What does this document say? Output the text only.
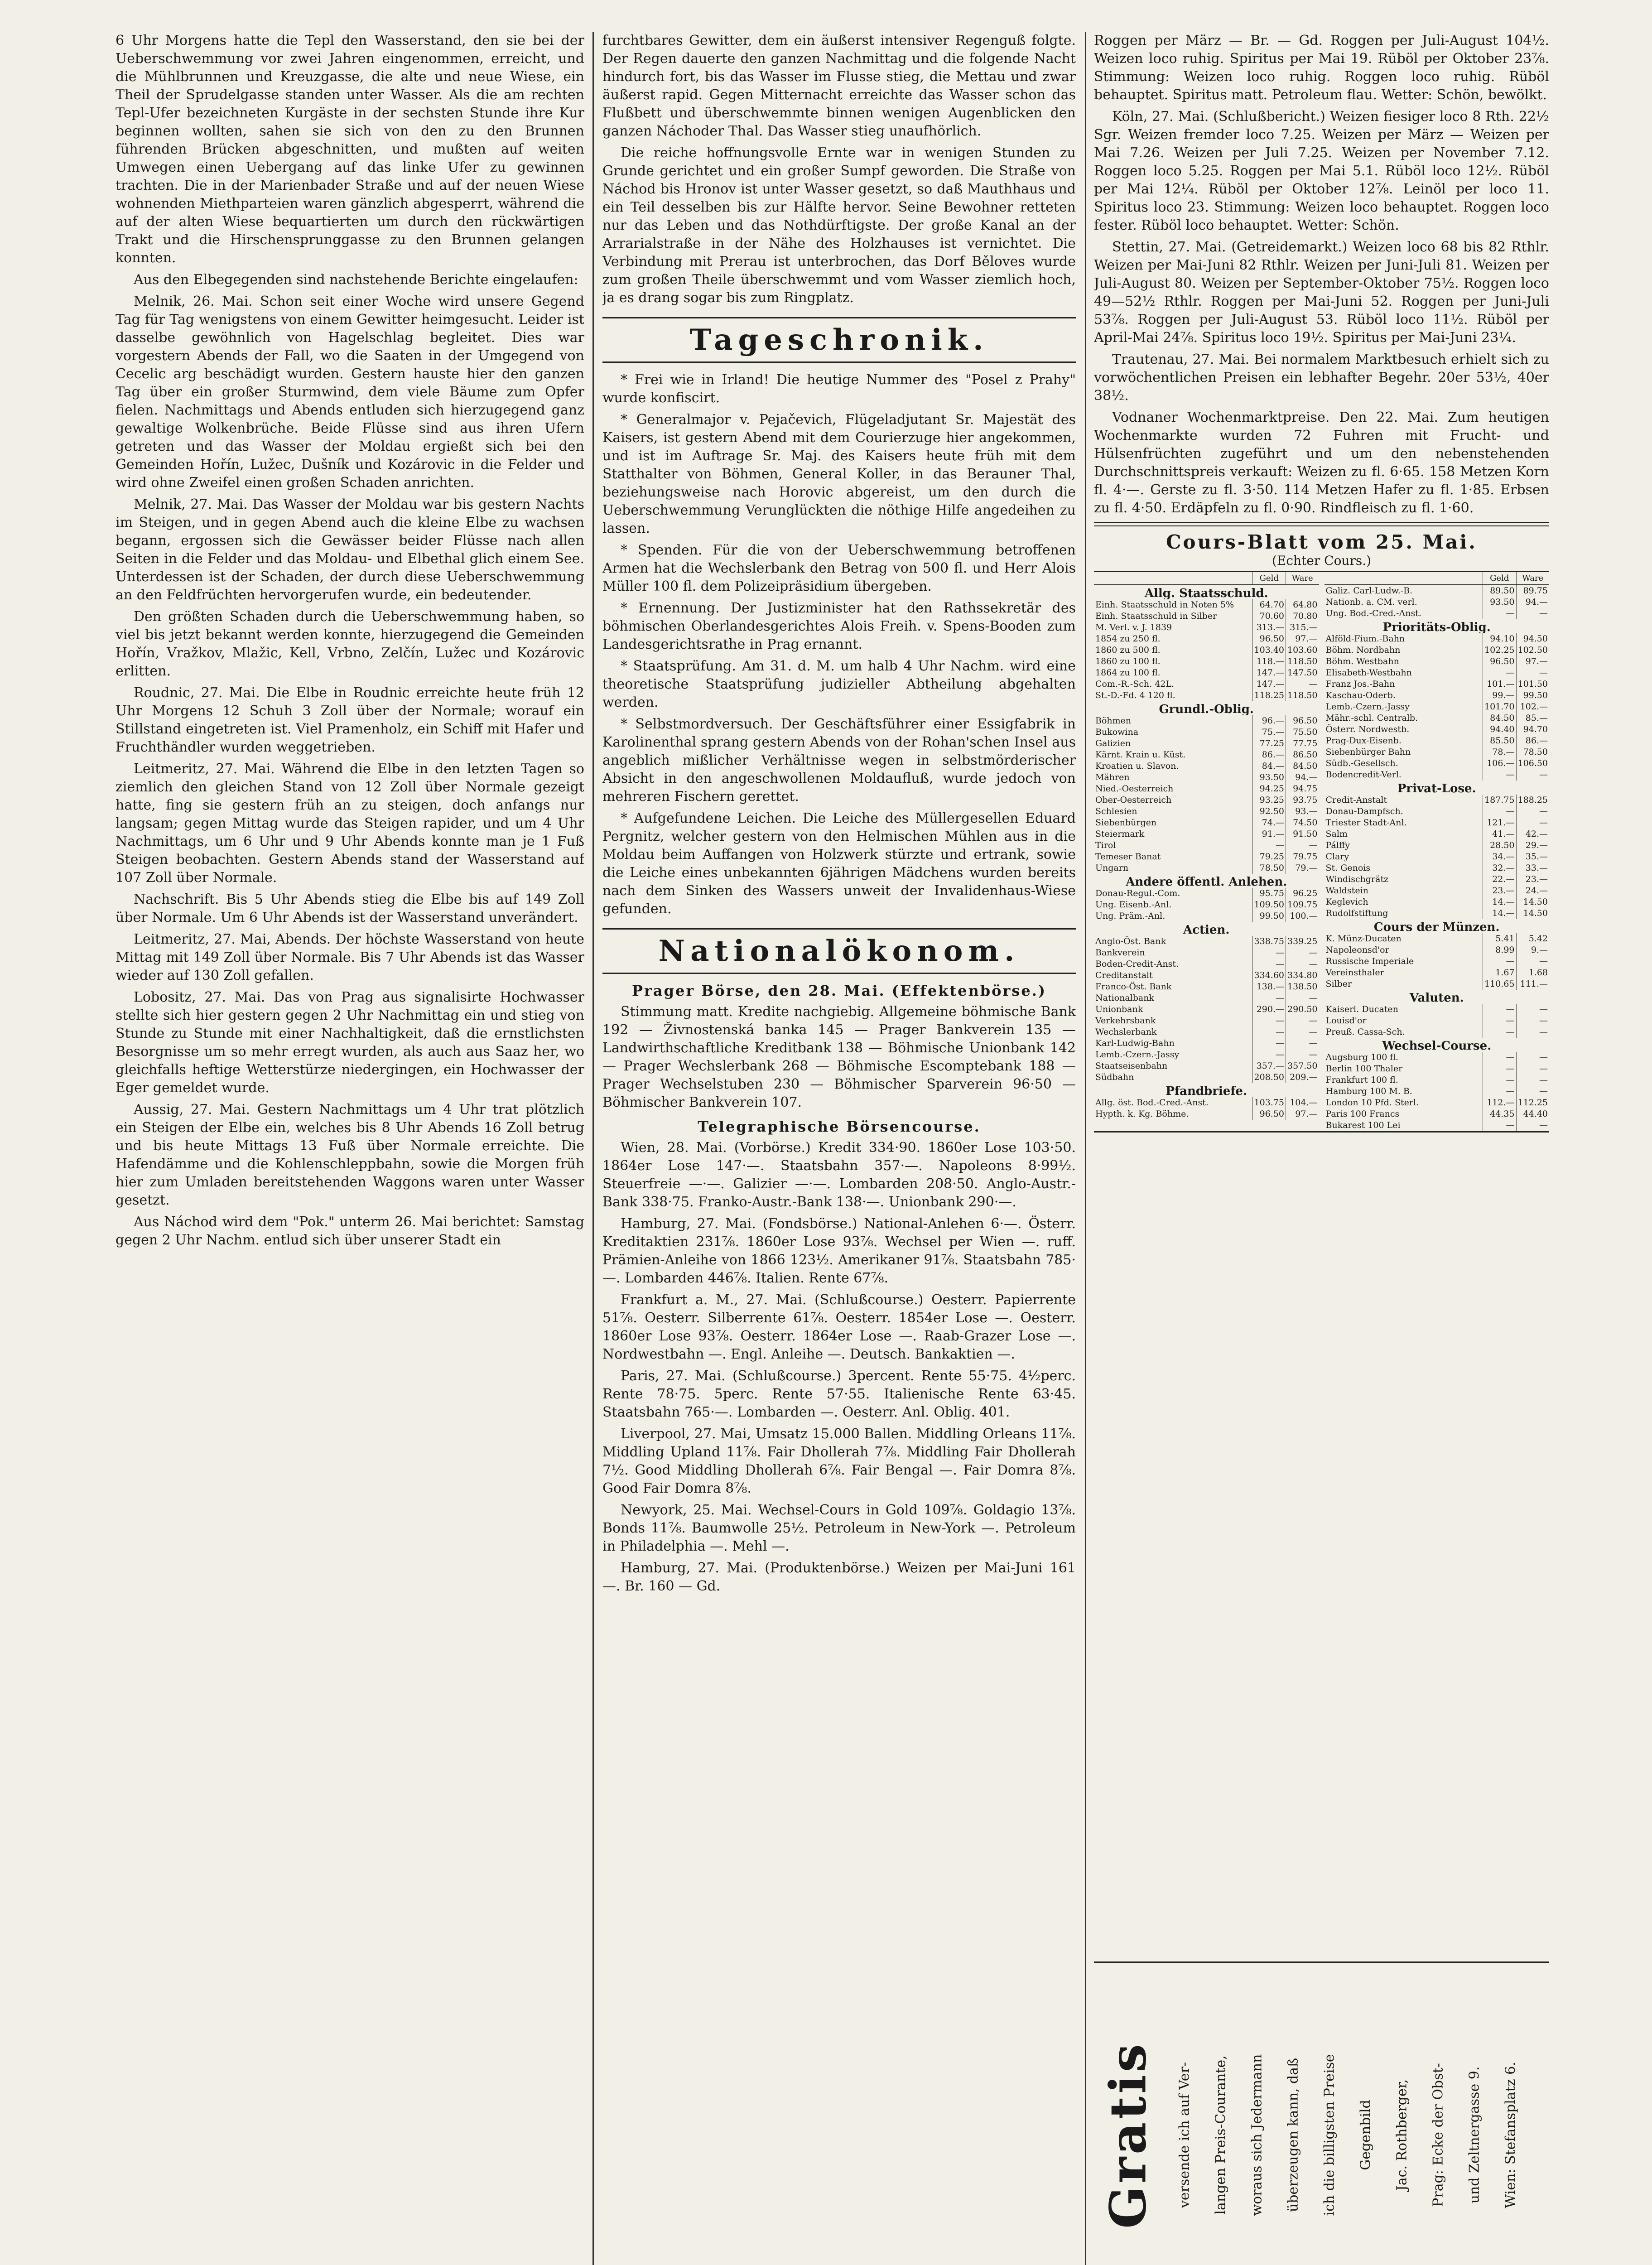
6 Uhr Morgens hatte die Tepl den Wasserstand, den sie bei der Ueberschwemmung vor zwei Jahren eingenommen, erreicht, und die Mühlbrunnen und Kreuzgasse, die alte und neue Wiese, ein Theil der Sprudelgasse standen unter Wasser. Als die am rechten Tepl-Ufer bezeichneten Kurgäste in der sechsten Stunde ihre Kur beginnen wollten, sahen sie sich von den zu den Brunnen führenden Brücken abgeschnitten, und mußten auf weiten Umwegen einen Uebergang auf das linke Ufer zu gewinnen trachten. Die in der Marienbader Straße und auf der neuen Wiese wohnenden Miethparteien waren gänzlich abgesperrt, während die auf der alten Wiese bequartierten um durch den rückwärtigen Trakt und die Hirschensprunggasse zu den Brunnen gelangen konnten.

Aus den Elbegegenden sind nachstehende Berichte eingelaufen:

Melnik, 26. Mai. Schon seit einer Woche wird unsere Gegend Tag für Tag wenigstens von einem Gewitter heimgesucht. Leider ist dasselbe gewöhnlich von Hagelschlag begleitet. Dies war vorgestern Abends der Fall, wo die Saaten in der Umgegend von Cecelic arg beschädigt wurden. Gestern hauste hier den ganzen Tag über ein großer Sturmwind, dem viele Bäume zum Opfer fielen. Nachmittags und Abends entluden sich hierzugegend ganz gewaltige Wolkenbrüche. Beide Flüsse sind aus ihren Ufern getreten und das Wasser der Moldau ergießt sich bei den Gemeinden Hořín, Lužec, Dušník und Kozárovic in die Felder und wird ohne Zweifel einen großen Schaden anrichten.

Melnik, 27. Mai. Das Wasser der Moldau war bis gestern Nachts im Steigen, und in gegen Abend auch die kleine Elbe zu wachsen begann, ergossen sich die Gewässer beider Flüsse nach allen Seiten in die Felder und das Moldau- und Elbethal glich einem See. Unterdessen ist der Schaden, der durch diese Ueberschwemmung an den Feldfrüchten hervorgerufen wurde, ein bedeutender.

Den größten Schaden durch die Ueberschwemmung haben, so viel bis jetzt bekannt werden konnte, hierzugegend die Gemeinden Hořín, Vražkov, Mlažic, Kell, Vrbno, Zelčín, Lužec und Kozárovic erlitten.

Roudnic, 27. Mai. Die Elbe in Roudnic erreichte heute früh 12 Uhr Morgens 12 Schuh 3 Zoll über der Normale; worauf ein Stillstand eingetreten ist. Viel Pramenholz, ein Schiff mit Hafer und Fruchthändler wurden weggetrieben.

Leitmeritz, 27. Mai. Während die Elbe in den letzten Tagen so ziemlich den gleichen Stand von 12 Zoll über Normale gezeigt hatte, fing sie gestern früh an zu steigen, doch anfangs nur langsam; gegen Mittag wurde das Steigen rapider, und um 4 Uhr Nachmittags, um 6 Uhr und 9 Uhr Abends konnte man je 1 Fuß Steigen beobachten. Gestern Abends stand der Wasserstand auf 107 Zoll über Normale.

Nachschrift. Bis 5 Uhr Abends stieg die Elbe bis auf 149 Zoll über Normale. Um 6 Uhr Abends ist der Wasserstand unverändert.

Leitmeritz, 27. Mai, Abends. Der höchste Wasserstand von heute Mittag mit 149 Zoll über Normale. Bis 7 Uhr Abends ist das Wasser wieder auf 130 Zoll gefallen.

Lobositz, 27. Mai. Das von Prag aus signalisirte Hochwasser stellte sich hier gestern gegen 2 Uhr Nachmittag ein und stieg von Stunde zu Stunde mit einer Nachhaltigkeit, daß die ernstlichsten Besorgnisse um so mehr erregt wurden, als auch aus Saaz her, wo gleichfalls heftige Wetterstürze niedergingen, ein Hochwasser der Eger gemeldet wurde.

Aussig, 27. Mai. Gestern Nachmittags um 4 Uhr trat plötzlich ein Steigen der Elbe ein, welches bis 8 Uhr Abends 16 Zoll betrug und bis heute Mittags 13 Fuß über Normale erreichte. Die Hafendämme und die Kohlenschleppbahn, sowie die Morgen früh hier zum Umladen bereitstehenden Waggons waren unter Wasser gesetzt.

Aus Náchod wird dem "Pok." unterm 26. Mai berichtet: Samstag gegen 2 Uhr Nachm. entlud sich über unserer Stadt ein

furchtbares Gewitter, dem ein äußerst intensiver Regenguß folgte. Der Regen dauerte den ganzen Nachmittag und die folgende Nacht hindurch fort, bis das Wasser im Flusse stieg, die Mettau und zwar äußerst rapid. Gegen Mitternacht erreichte das Wasser schon das Flußbett und überschwemmte binnen wenigen Augenblicken den ganzen Náchoder Thal. Das Wasser stieg unaufhörlich.

Die reiche hoffnungsvolle Ernte war in wenigen Stunden zu Grunde gerichtet und ein großer Sumpf geworden. Die Straße von Náchod bis Hronov ist unter Wasser gesetzt, so daß Mauthhaus und ein Teil desselben bis zur Hälfte hervor. Seine Bewohner retteten nur das Leben und das Nothdürftigste. Der große Kanal an der Arrarialstraße in der Nähe des Holzhauses ist vernichtet. Die Verbindung mit Prerau ist unterbrochen, das Dorf Běloves wurde zum großen Theile überschwemmt und vom Wasser ziemlich hoch, ja es drang sogar bis zum Ringplatz.

Tageschronik.

* Frei wie in Irland! Die heutige Nummer des "Posel z Prahy" wurde konfiscirt.

* Generalmajor v. Pejačevich, Flügeladjutant Sr. Majestät des Kaisers, ist gestern Abend mit dem Courierzuge hier angekommen, und ist im Auftrage Sr. Maj. des Kaisers heute früh mit dem Statthalter von Böhmen, General Koller, in das Berauner Thal, beziehungsweise nach Horovic abgereist, um den durch die Ueberschwemmung Verunglückten die nöthige Hilfe angedeihen zu lassen.

* Spenden. Für die von der Ueberschwemmung betroffenen Armen hat die Wechslerbank den Betrag von 500 fl. und Herr Alois Müller 100 fl. dem Polizeipräsidium übergeben.

* Ernennung. Der Justizminister hat den Rathssekretär des böhmischen Oberlandesgerichtes Alois Freih. v. Spens-Booden zum Landesgerichtsrathe in Prag ernannt.

* Staatsprüfung. Am 31. d. M. um halb 4 Uhr Nachm. wird eine theoretische Staatsprüfung judizieller Abtheilung abgehalten werden.

* Selbstmordversuch. Der Geschäftsführer einer Essigfabrik in Karolinenthal sprang gestern Abends von der Rohan'schen Insel aus angeblich mißlicher Verhältnisse wegen in selbstmörderischer Absicht in den angeschwollenen Moldaufluß, wurde jedoch von mehreren Fischern gerettet.

* Aufgefundene Leichen. Die Leiche des Müllergesellen Eduard Pergnitz, welcher gestern von den Helmischen Mühlen aus in die Moldau beim Auffangen von Holzwerk stürzte und ertrank, sowie die Leiche eines unbekannten 6jährigen Mädchens wurden bereits nach dem Sinken des Wassers unweit der Invalidenhaus-Wiese gefunden.

Nationalökonom.
Prager Börse, den 28. Mai. (Effektenbörse.)

Stimmung matt. Kredite nachgiebig. Allgemeine böhmische Bank 192 — Živnostenská banka 145 — Prager Bankverein 135 — Landwirthschaftliche Kreditbank 138 — Böhmische Unionbank 142 — Prager Wechslerbank 268 — Böhmische Escomptebank 188 — Prager Wechselstuben 230 — Böhmischer Sparverein 96·50 — Böhmischer Bankverein 107.

Telegraphische Börsencourse.

Wien, 28. Mai. (Vorbörse.) Kredit 334·90. 1860er Lose 103·50. 1864er Lose 147·—. Staatsbahn 357·—. Napoleons 8·99½. Steuerfreie —·—. Galizier —·—. Lombarden 208·50. Anglo-Austr.-Bank 338·75. Franko-Austr.-Bank 138·—. Unionbank 290·—.

Hamburg, 27. Mai. (Fondsbörse.) National-Anlehen 6·—. Österr. Kreditaktien 231⅞. 1860er Lose 93⅞. Wechsel per Wien —. ruff. Prämien-Anleihe von 1866 123½. Amerikaner 91⅞. Staatsbahn 785·—. Lombarden 446⅞. Italien. Rente 67⅞.

Frankfurt a. M., 27. Mai. (Schlußcourse.) Oesterr. Papierrente 51⅞. Oesterr. Silberrente 61⅞. Oesterr. 1854er Lose —. Oesterr. 1860er Lose 93⅞. Oesterr. 1864er Lose —. Raab-Grazer Lose —. Nordwestbahn —. Engl. Anleihe —. Deutsch. Bankaktien —.

Paris, 27. Mai. (Schlußcourse.) 3percent. Rente 55·75. 4½perc. Rente 78·75. 5perc. Rente 57·55. Italienische Rente 63·45. Staatsbahn 765·—. Lombarden —. Oesterr. Anl. Oblig. 401.

Liverpool, 27. Mai, Umsatz 15.000 Ballen. Middling Orleans 11⅞. Middling Upland 11⅞. Fair Dhollerah 7⅞. Middling Fair Dhollerah 7½. Good Middling Dhollerah 6⅞. Fair Bengal —. Fair Domra 8⅞. Good Fair Domra 8⅞.

Newyork, 25. Mai. Wechsel-Cours in Gold 109⅞. Goldagio 13⅞. Bonds 11⅞. Baumwolle 25½. Petroleum in New-York —. Petroleum in Philadelphia —. Mehl —.

Hamburg, 27. Mai. (Produktenbörse.) Weizen per Mai-Juni 161 —. Br. 160 — Gd.

Roggen per März — Br. — Gd. Roggen per Juli-August 104½. Weizen loco ruhig. Spiritus per Mai 19. Rüböl per Oktober 23⅞. Stimmung: Weizen loco ruhig. Roggen loco ruhig. Rüböl behauptet. Spiritus matt. Petroleum flau. Wetter: Schön, bewölkt.

Köln, 27. Mai. (Schlußbericht.) Weizen fiesiger loco 8 Rth. 22½ Sgr. Weizen fremder loco 7.25. Weizen per März — Weizen per Mai 7.26. Weizen per Juli 7.25. Weizen per November 7.12. Roggen loco 5.25. Roggen per Mai 5.1. Rüböl loco 12½. Rüböl per Mai 12¼. Rüböl per Oktober 12⅞. Leinöl per loco 11. Spiritus loco 23. Stimmung: Weizen loco behauptet. Roggen loco fester. Rüböl loco behauptet. Wetter: Schön.

Stettin, 27. Mai. (Getreidemarkt.) Weizen loco 68 bis 82 Rthlr. Weizen per Mai-Juni 82 Rthlr. Weizen per Juni-Juli 81. Weizen per Juli-August 80. Weizen per September-Oktober 75½. Roggen loco 49—52½ Rthlr. Roggen per Mai-Juni 52. Roggen per Juni-Juli 53⅞. Roggen per Juli-August 53. Rüböl loco 11½. Rüböl per April-Mai 24⅞. Spiritus loco 19½. Spiritus per Mai-Juni 23¼.

Trautenau, 27. Mai. Bei normalem Marktbesuch erhielt sich zu vorwöchentlichen Preisen ein lebhafter Begehr. 20er 53½, 40er 38½.

Vodnaner Wochenmarktpreise. Den 22. Mai. Zum heutigen Wochenmarkte wurden 72 Fuhren mit Frucht- und Hülsenfrüchten zugeführt und um den nebenstehenden Durchschnittspreis verkauft: Weizen zu fl. 6·65. 158 Metzen Korn fl. 4·—. Gerste zu fl. 3·50. 114 Metzen Hafer zu fl. 1·85. Erbsen zu fl. 4·50. Erdäpfeln zu fl. 0·90. Rindfleisch zu fl. 1·60.

Cours-Blatt vom 25. Mai.
(Echter Cours.)
	Geld	Ware
Allg. Staatsschuld.		
Einh. Staatsschuld in Noten 5%	64.70	64.80
Einh. Staatsschuld in Silber	70.60	70.80
M. Verl. v. J. 1839	313.—	315.—
1854 zu 250 fl.	96.50	97.—
1860 zu 500 fl.	103.40	103.60
1860 zu 100 fl.	118.—	118.50
1864 zu 100 fl.	147.—	147.50
Com.-R.-Sch. 42L.	147.—	—
St.-D.-Fd. 4 120 fl.	118.25	118.50
Grundl.-Oblig.		
Böhmen	96.—	96.50
Bukowina	75.—	75.50
Galizien	77.25	77.75
Kärnt. Krain u. Küst.	86.—	86.50
Kroatien u. Slavon.	84.—	84.50
Mähren	93.50	94.—
Nied.-Oesterreich	94.25	94.75
Ober-Oesterreich	93.25	93.75
Schlesien	92.50	93.—
Siebenbürgen	74.—	74.50
Steiermark	91.—	91.50
Tirol	—	—
Temeser Banat	79.25	79.75
Ungarn	78.50	79.—
Andere öffentl. Anlehen.		
Donau-Regul.-Com.	95.75	96.25
Ung. Eisenb.-Anl.	109.50	109.75
Ung. Präm.-Anl.	99.50	100.—
Actien.		
Anglo-Öst. Bank	338.75	339.25
Bankverein	—	—
Boden-Credit-Anst.	—	—
Creditanstalt	334.60	334.80
Franco-Öst. Bank	138.—	138.50
Nationalbank	—	—
Unionbank	290.—	290.50
Verkehrsbank	—	—
Wechslerbank	—	—
Karl-Ludwig-Bahn	—	—
Lemb.-Czern.-Jassy	—	—
Staatseisenbahn	357.—	357.50
Südbahn	208.50	209.—
Pfandbriefe.		
Allg. öst. Bod.-Cred.-Anst.	103.75	104.—
Hypth. k. Kg. Böhme.	96.50	97.—
	Geld	Ware
Galiz. Carl-Ludw.-B.	89.50	89.75
Nationb. a. CM. verl.	93.50	94.—
Ung. Bod.-Cred.-Anst.	—	—
Prioritäts-Oblig.		
Alföld-Fium.-Bahn	94.10	94.50
Böhm. Nordbahn	102.25	102.50
Böhm. Westbahn	96.50	97.—
Elisabeth-Westbahn	—	—
Franz Jos.-Bahn	101.—	101.50
Kaschau-Oderb.	99.—	99.50
Lemb.-Czern.-Jassy	101.70	102.—
Mähr.-schl. Centralb.	84.50	85.—
Österr. Nordwestb.	94.40	94.70
Prag-Dux-Eisenb.	85.50	86.—
Siebenbürger Bahn	78.—	78.50
Südb.-Gesellsch.	106.—	106.50
Bodencredit-Verl.	—	—
Privat-Lose.		
Credit-Anstalt	187.75	188.25
Donau-Dampfsch.	—	—
Triester Stadt-Anl.	121.—	—
Salm	41.—	42.—
Pálffy	28.50	29.—
Clary	34.—	35.—
St. Genois	32.—	33.—
Windischgrätz	22.—	23.—
Waldstein	23.—	24.—
Keglevich	14.—	14.50
Rudolfstiftung	14.—	14.50
Cours der Münzen.		
K. Münz-Ducaten	5.41	5.42
Napoleonsd'or	8.99	9.—
Russische Imperiale	—	—
Vereinsthaler	1.67	1.68
Silber	110.65	111.—
Valuten.		
Kaiserl. Ducaten	—	—
Louisd'or	—	—
Preuß. Cassa-Sch.	—	—
Wechsel-Course.		
Augsburg 100 fl.	—	—
Berlin 100 Thaler	—	—
Frankfurt 100 fl.	—	—
Hamburg 100 M. B.	—	—
London 10 Pfd. Sterl.	112.—	112.25
Paris 100 Francs	44.35	44.40
Bukarest 100 Lei	—	—
Gratis versende ich auf Ver- langen Preis-Courante, woraus sich Jedermann überzeugen kann, daß ich die billigsten Preise Gegenbild Jac. Rothberger, Prag: Ecke der Obst- und Zeltnergasse 9. Wien: Stefansplatz 6.
